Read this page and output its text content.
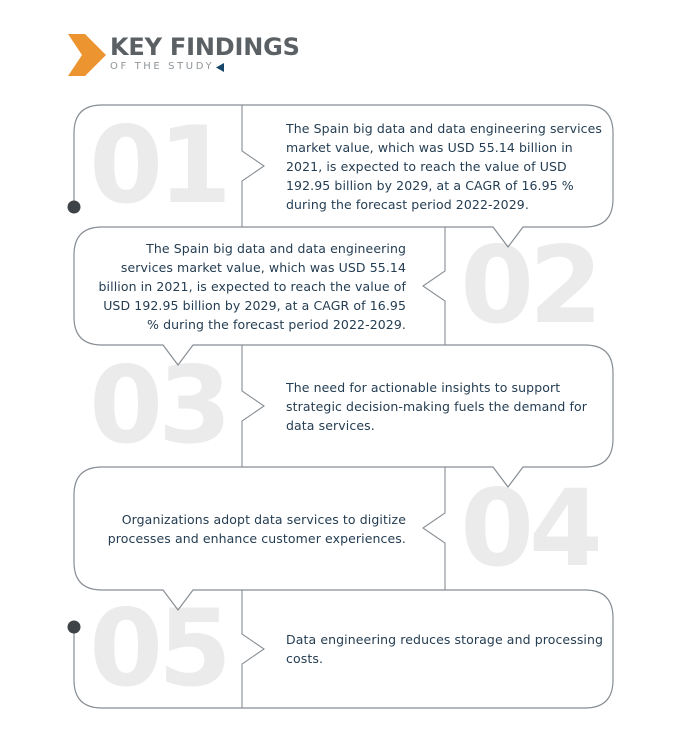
KEY FINDINGS
OF THE STUDY
01	The Spain big data and data engineering services market value, which was USD 55.14 billion in 2021, is expected to reach the value of USD 192.95 billion by 2029, at a CAGR of 16.95 % during the forecast period 2022-2029.
The Spain big data and data engineering services market value, which was USD 55.14 billion in 2021, is expected to reach the value of USD 192.95 billion by 2029, at a CAGR of 16.95 % during the forecast period 2022-2029. 02
03	The need for actionable insights to support strategic decision-making fuels the demand for data services.
Organizations adopt data services to digitize processes and enhance customer experiences. 04
05	Data engineering reduces storage and processing costs.
